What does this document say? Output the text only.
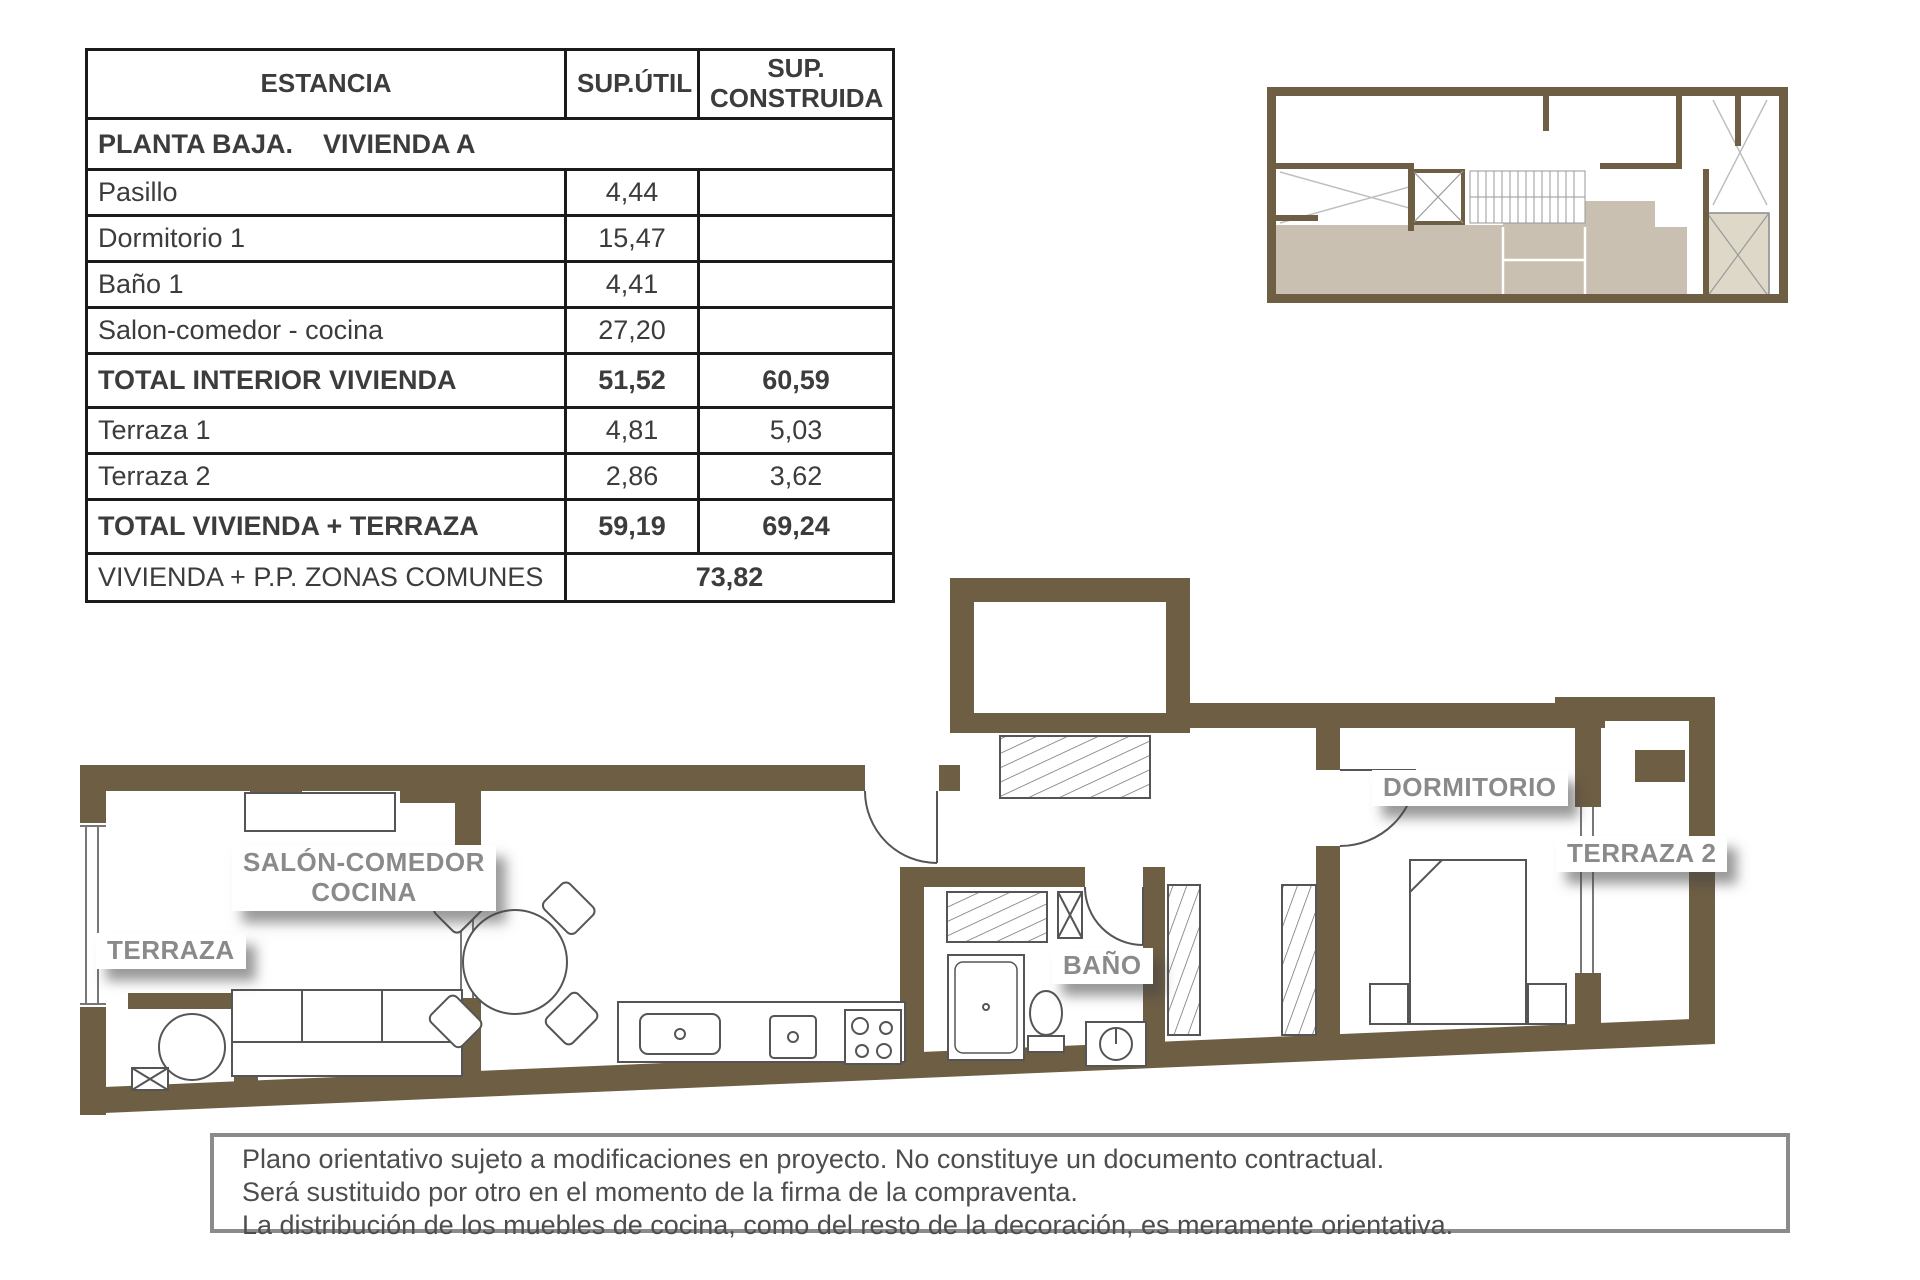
ESTANCIA	SUP.ÚTIL	SUP. CONSTRUIDA
PLANTA BAJA.    VIVIENDA A		
Pasillo	4,44	
Dormitorio 1	15,47	
Baño 1	4,41	
Salon-comedor - cocina	27,20	
TOTAL INTERIOR VIVIENDA	51,52	60,59
Terraza 1	4,81	5,03
Terraza 2	2,86	3,62
TOTAL VIVIENDA + TERRAZA	59,19	69,24
VIVIENDA + P.P. ZONAS COMUNES	73,82	
TERRAZA
SALÓN-COMEDOR
COCINA
BAÑO
DORMITORIO
TERRAZA 2
Plano orientativo sujeto a modificaciones en proyecto. No constituye un documento contractual.
Será sustituido por otro en el momento de la firma de la compraventa.
La distribución de los muebles de cocina, como del resto de la decoración, es meramente orientativa.
